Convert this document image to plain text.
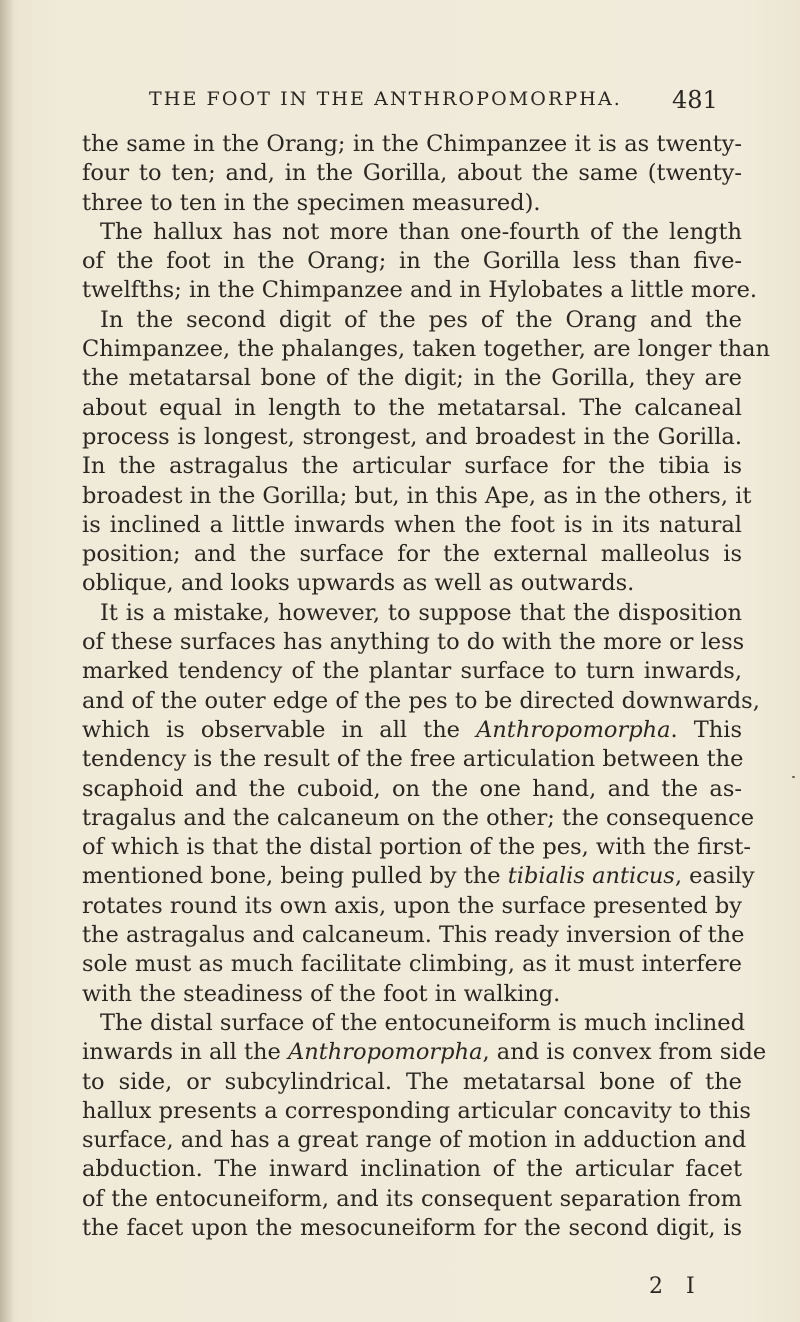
THE FOOT IN THE ANTHROPOMORPHA. 481
the same in the Orang; in the Chimpanzee it is as twenty-
four to ten; and, in the Gorilla, about the same (twenty-
three to ten in the specimen measured).
The hallux has not more than one-fourth of the length
of the foot in the Orang; in the Gorilla less than five-
twelfths; in the Chimpanzee and in Hylobates a little more.
In the second digit of the pes of the Orang and the
Chimpanzee, the phalanges, taken together, are longer than
the metatarsal bone of the digit; in the Gorilla, they are
about equal in length to the metatarsal. The calcaneal
process is longest, strongest, and broadest in the Gorilla.
In the astragalus the articular surface for the tibia is
broadest in the Gorilla; but, in this Ape, as in the others, it
is inclined a little inwards when the foot is in its natural
position; and the surface for the external malleolus is
oblique, and looks upwards as well as outwards.
It is a mistake, however, to suppose that the disposition
of these surfaces has anything to do with the more or less
marked tendency of the plantar surface to turn inwards,
and of the outer edge of the pes to be directed downwards,
which is observable in all the Anthropomorpha. This
tendency is the result of the free articulation between the
scaphoid and the cuboid, on the one hand, and the as-
tragalus and the calcaneum on the other; the consequence
of which is that the distal portion of the pes, with the first-
mentioned bone, being pulled by the tibialis anticus, easily
rotates round its own axis, upon the surface presented by
the astragalus and calcaneum. This ready inversion of the
sole must as much facilitate climbing, as it must interfere
with the steadiness of the foot in walking.
The distal surface of the entocuneiform is much inclined
inwards in all the Anthropomorpha, and is convex from side
to side, or subcylindrical. The metatarsal bone of the
hallux presents a corresponding articular concavity to this
surface, and has a great range of motion in adduction and
abduction. The inward inclination of the articular facet
of the entocuneiform, and its consequent separation from
the facet upon the mesocuneiform for the second digit, is
2 I
